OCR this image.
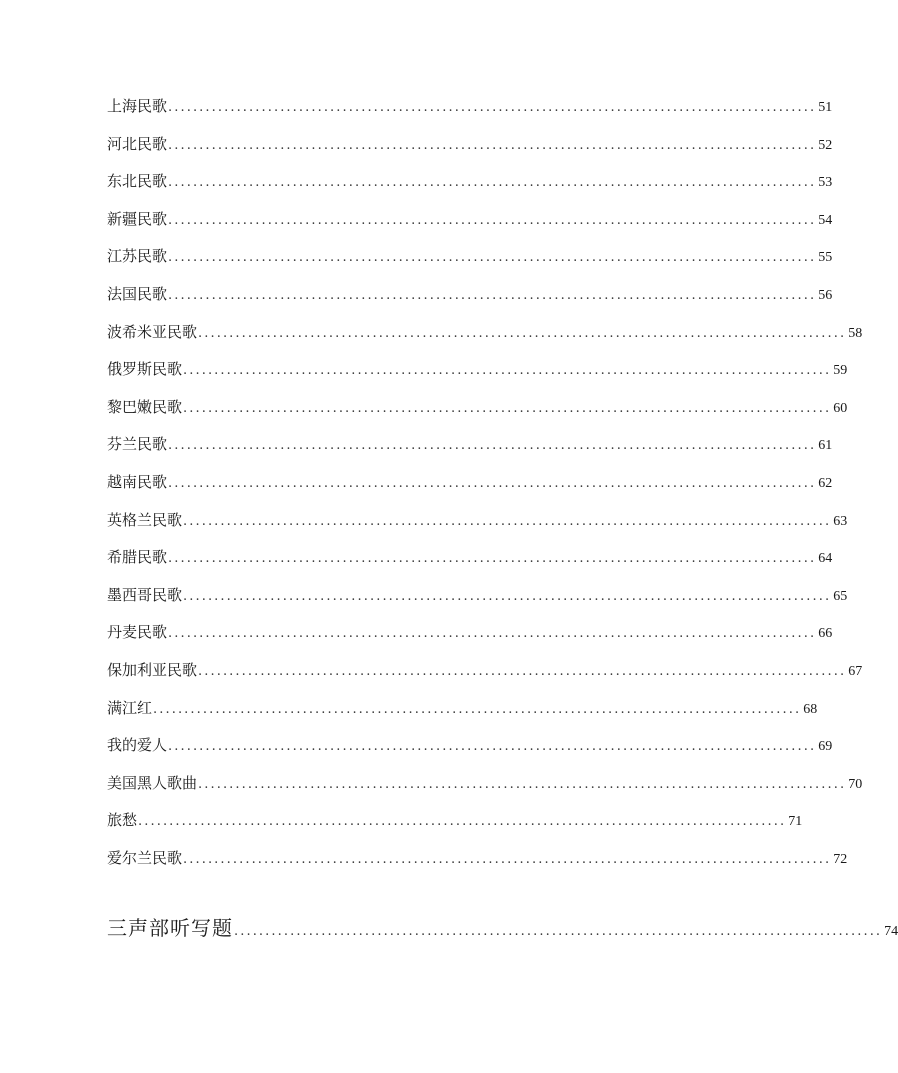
上海民歌 ........................................................................................................ 51
河北民歌 ........................................................................................................ 52
东北民歌 ........................................................................................................ 53
新疆民歌 ........................................................................................................ 54
江苏民歌 ........................................................................................................ 55
法国民歌 ........................................................................................................ 56
波希米亚民歌 ........................................................................................................ 58
俄罗斯民歌 ........................................................................................................ 59
黎巴嫩民歌 ........................................................................................................ 60
芬兰民歌 ........................................................................................................ 61
越南民歌 ........................................................................................................ 62
英格兰民歌 ........................................................................................................ 63
希腊民歌 ........................................................................................................ 64
墨西哥民歌 ........................................................................................................ 65
丹麦民歌 ........................................................................................................ 66
保加利亚民歌 ........................................................................................................ 67
满江红 ........................................................................................................ 68
我的爱人 ........................................................................................................ 69
美国黑人歌曲 ........................................................................................................ 70
旅愁 ........................................................................................................ 71
爱尔兰民歌 ........................................................................................................ 72
三声部听写题 ........................................................................................................ 74
